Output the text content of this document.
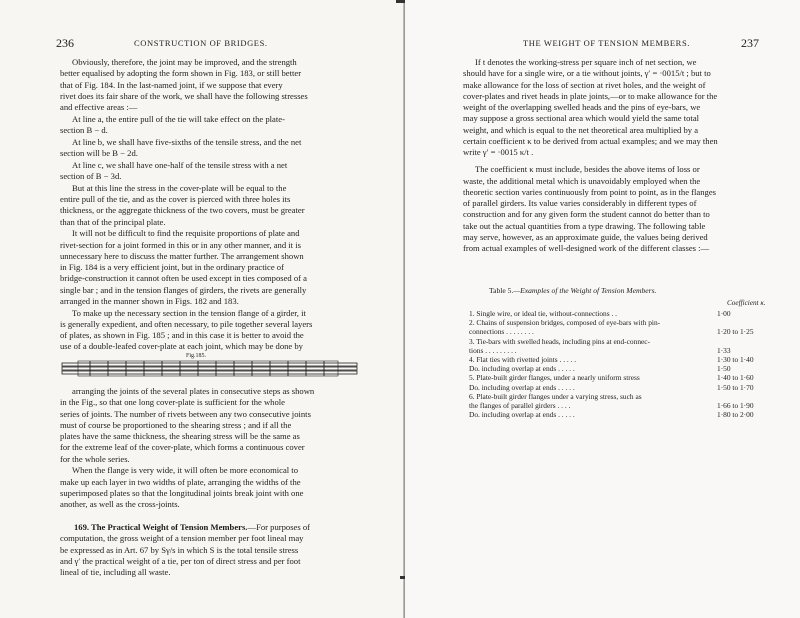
236	CONSTRUCTION OF BRIDGES.
Obviously, therefore, the joint may be improved, and the strength
better equalised by adopting the form shown in Fig. 183, or still better
that of Fig. 184. In the last-named joint, if we suppose that every
rivet does its fair share of the work, we shall have the following stresses
and effective areas :—
At line a, the entire pull of the tie will take effect on the plate-
section B − d.
At line b, we shall have five-sixths of the tensile stress, and the net
section will be B − 2d.
At line c, we shall have one-half of the tensile stress with a net
section of B − 3d.
But at this line the stress in the cover-plate will be equal to the
entire pull of the tie, and as the cover is pierced with three holes its
thickness, or the aggregate thickness of the two covers, must be greater
than that of the principal plate.
It will not be difficult to find the requisite proportions of plate and
rivet-section for a joint formed in this or in any other manner, and it is
unnecessary here to discuss the matter further. The arrangement shown
in Fig. 184 is a very efficient joint, but in the ordinary practice of
bridge-construction it cannot often be used except in ties composed of a
single bar ; and in the tension flanges of girders, the rivets are generally
arranged in the manner shown in Figs. 182 and 183.
To make up the necessary section in the tension flange of a girder, it
is generally expedient, and often necessary, to pile together several layers
of plates, as shown in Fig. 185 ; and in this case it is better to avoid the
use of a double-leafed cover-plate at each joint, which may be done by
Fig.185.
arranging the joints of the several plates in consecutive steps as shown
in the Fig., so that one long cover-plate is sufficient for the whole
series of joints. The number of rivets between any two consecutive joints
must of course be proportioned to the shearing stress ; and if all the
plates have the same thickness, the shearing stress will be the same as
for the extreme leaf of the cover-plate, which forms a continuous cover
for the whole series.
When the flange is very wide, it will often be more economical to
make up each layer in two widths of plate, arranging the widths of the
superimposed plates so that the longitudinal joints break joint with one
another, as well as the cross-joints.
169. The Practical Weight of Tension Members.—For purposes of
computation, the gross weight of a tension member per foot lineal may
be expressed as in Art. 67 by Sγ/s in which S is the total tensile stress
and γ′ the practical weight of a tie, per ton of direct stress and per foot
lineal of tie, including all waste.
THE WEIGHT OF TENSION MEMBERS.	237
If t denotes the working-stress per square inch of net section, we
should have for a single wire, or a tie without joints, γ′ = ·0015/t ; but to
make allowance for the loss of section at rivet holes, and the weight of
cover-plates and rivet heads in plate joints,—or to make allowance for the
weight of the overlapping swelled heads and the pins of eye-bars, we
may suppose a gross sectional area which would yield the same total
weight, and which is equal to the net theoretical area multiplied by a
certain coefficient κ to be derived from actual examples; and we may then
write γ′ = ·0015 κ/t .
The coefficient κ must include, besides the above items of loss or
waste, the additional metal which is unavoidably employed when the
theoretic section varies continuously from point to point, as in the flanges
of parallel girders. Its value varies considerably in different types of
construction and for any given form the student cannot do better than to
take out the actual quantities from a type drawing. The following table
may serve, however, as an approximate guide, the values being derived
from actual examples of well-designed work of the different classes :—
Table 5.—Examples of the Weight of Tension Members.
Coefficient κ.
1. Single wire, or ideal tie, without-connections . .	1·00
2. Chains of suspension bridges, composed of eye-bars with pin-
connections . . . . . . . .	1·20 to 1·25
3. Tie-bars with swelled heads, including pins at end-connec-
tions . . . . . . . . .	1·33
4. Flat ties with rivetted joints . . . . .	1·30 to 1·40
Do. including overlap at ends . . . . .	1·50
5. Plate-built girder flanges, under a nearly uniform stress	1·40 to 1·60
Do. including overlap at ends . . . . .	1·50 to 1·70
6. Plate-built girder flanges under a varying stress, such as
the flanges of parallel girders . . . .	1·66 to 1·90
Do. including overlap at ends . . . . .	1·80 to 2·00
